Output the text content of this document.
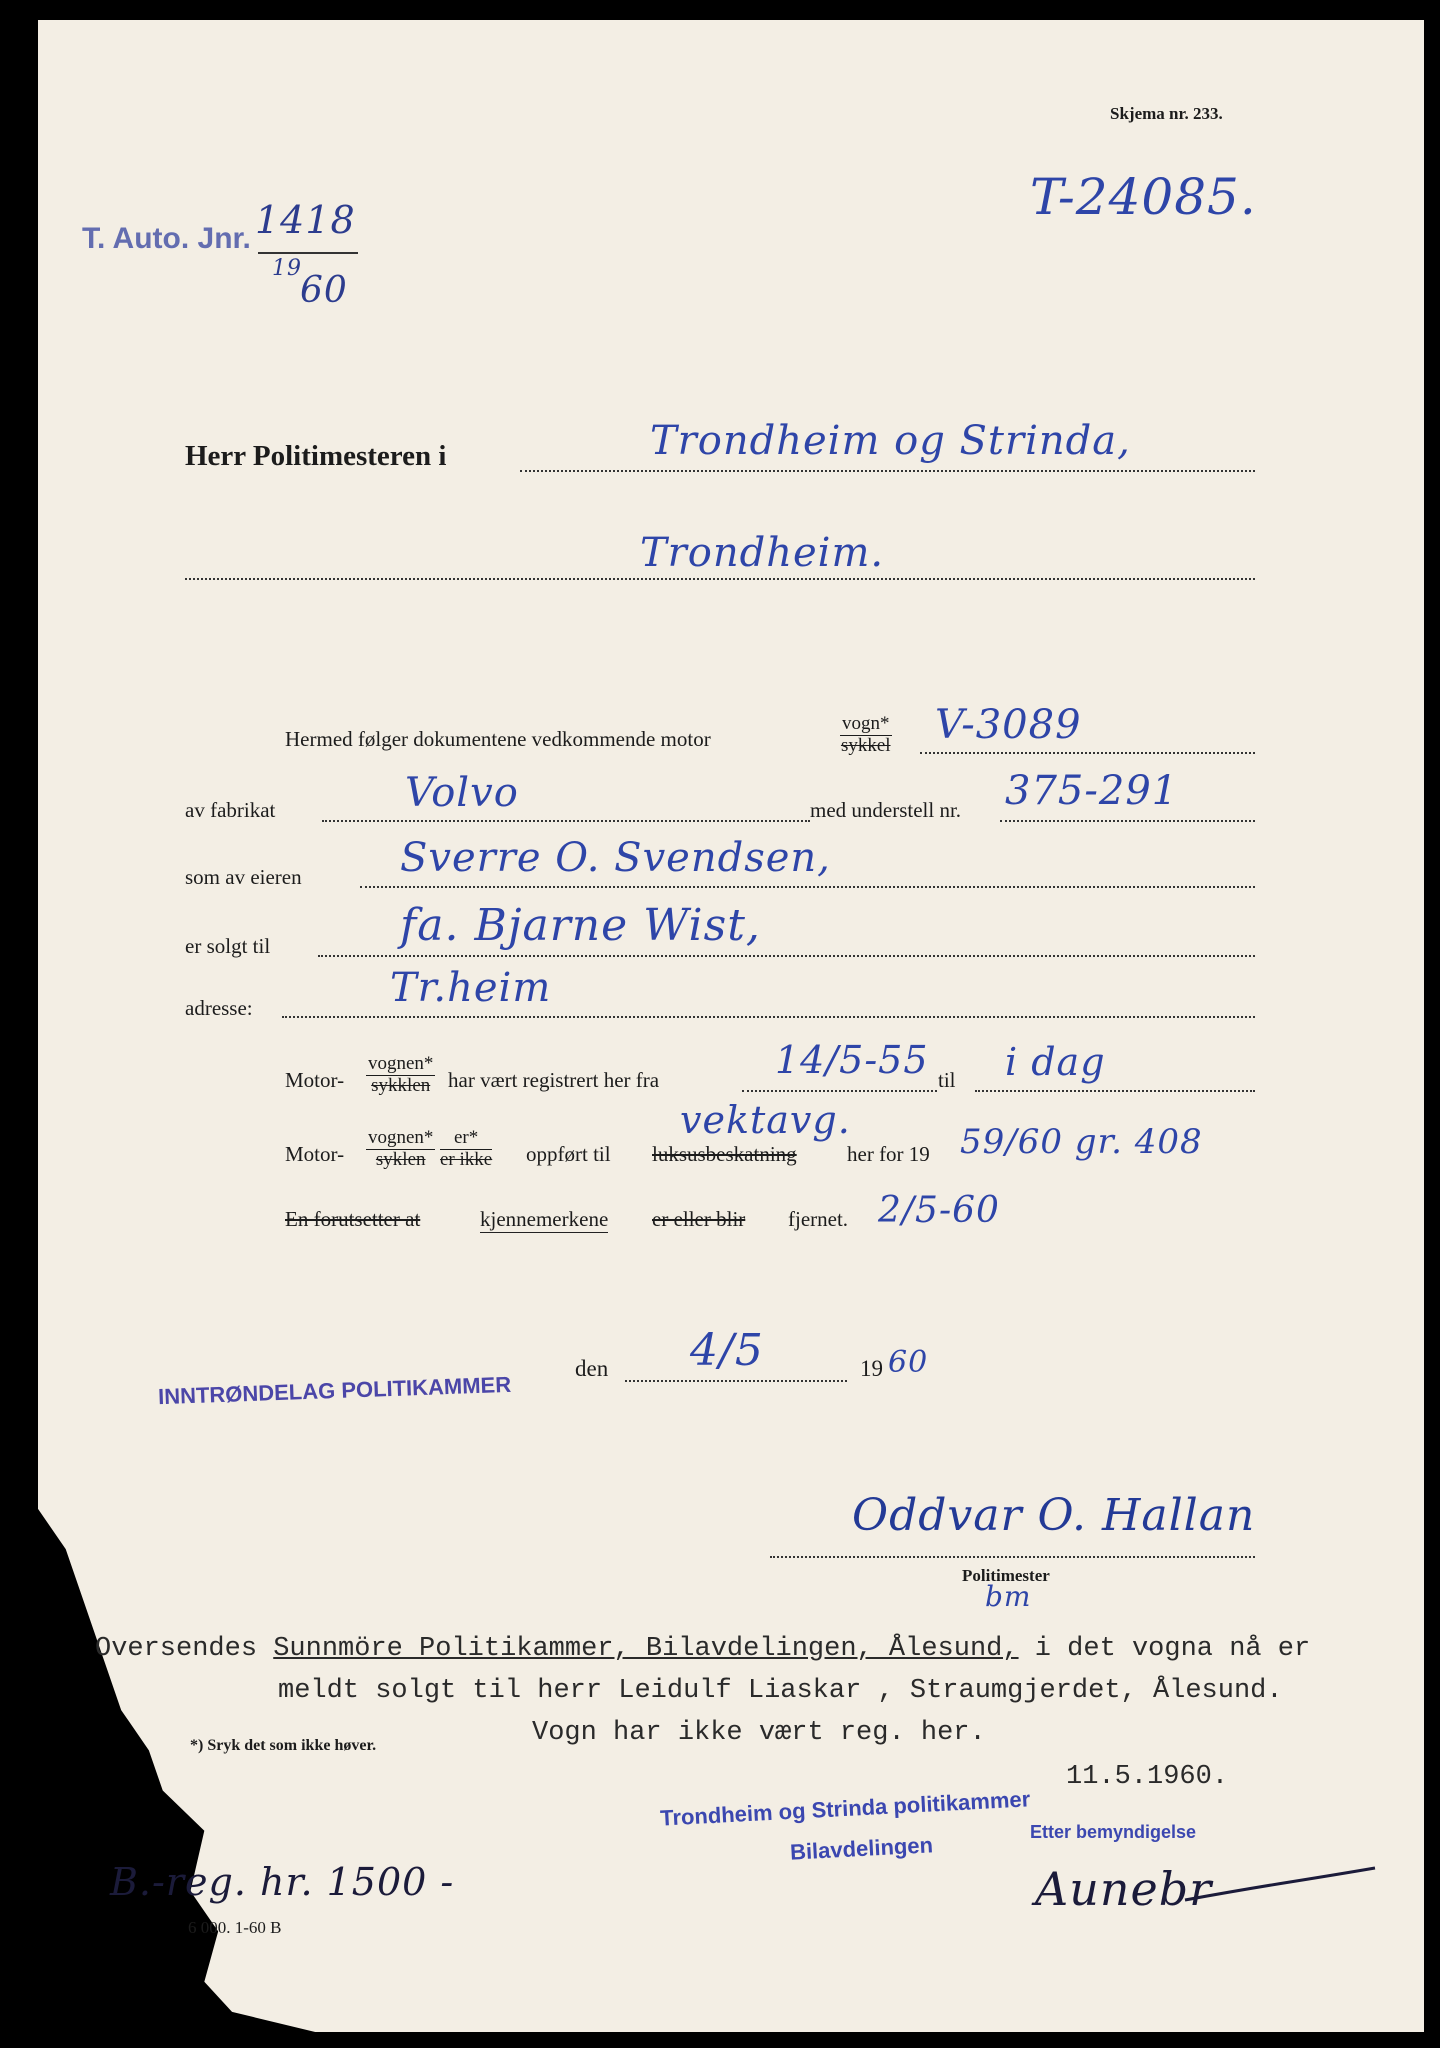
Skjema nr. 233.
T-24085.
T. Auto. Jnr. 1418
19
60
Herr Politimesteren i	Trondheim og Strinda,
Trondheim.
Hermed følger dokumentene vedkommende motor
vogn*
sykkel V-3089
av fabrikat	Volvo	med understell nr. 375-291
som av eieren Sverre O. Svendsen,
er solgt til	fa. Bjarne Wist,
adresse:	Tr.heim
Motor-
vognen*
sykklen har vært registrert her fra	14/5-55 til i dag
vektavg.
Motor-
vognen*
syklen
er*
er ikke oppført til luksusbeskatning her for 19 59/60 gr. 408
En forutsetter at	kjennemerkene er eller blir fjernet. 2/5-60
INNTRØNDELAG POLITIKAMMER
den 4/5	19 60
Oddvar O. Hallan
Politimester
bm
Oversendes Sunnmöre Politikammer, Bilavdelingen, Ålesund, i det vogna nå er
meldt solgt til herr Leidulf Liaskar , Straumgjerdet, Ålesund.
Vogn har ikke vært reg. her.
*) Sryk det som ikke høver.
11.5.1960.
Trondheim og Strinda politikammer
Bilavdelingen
Etter bemyndigelse
B.-reg. hr. 1500 -	Aunebr
6 000. 1-60 B
